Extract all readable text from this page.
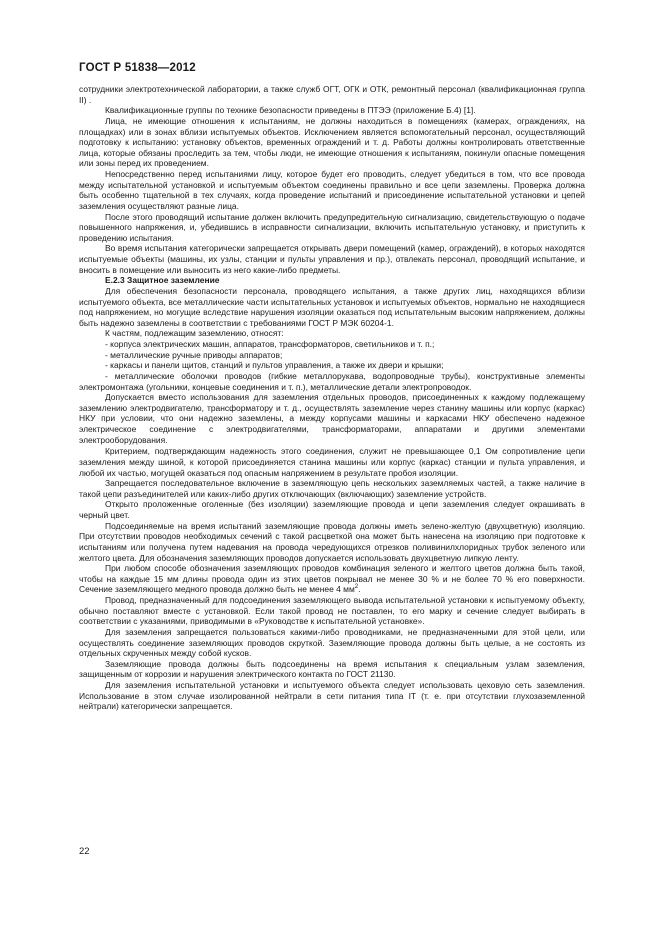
ГОСТ Р 51838—2012

сотрудники электротехнической лаборатории, а также служб ОГТ, ОГК и ОТК, ремонтный персонал (квалификационная группа II) .

Квалификационные группы по технике безопасности приведены в ПТЭЭ (приложение Б.4) [1].

Лица, не имеющие отношения к испытаниям, не должны находиться в помещениях (камерах, ограждениях, на площадках) или в зонах вблизи испытуемых объектов. Исключением является вспомогательный персонал, осуществляющий подготовку к испытанию: установку объектов, временных ограждений и т. д. Работы должны контролировать ответственные лица, которые обязаны проследить за тем, чтобы люди, не имеющие отношения к испытаниям, покинули опасные помещения или зоны перед их проведением.

Непосредственно перед испытаниями лицу, которое будет его проводить, следует убедиться в том, что все провода между испытательной установкой и испытуемым объектом соединены правильно и все цепи заземлены. Проверка должна быть особенно тщательной в тех случаях, когда проведение испытаний и присоединение испытательной установки и цепей заземления осуществляют разные лица.

После этого проводящий испытание должен включить предупредительную сигнализацию, свидетельствующую о подаче повышенного напряжения, и, убедившись в исправности сигнализации, включить испытательную установку, и приступить к проведению испытания.

Во время испытания категорически запрещается открывать двери помещений (камер, ограждений), в которых находятся испытуемые объекты (машины, их узлы, станции и пульты управления и пр.), отвлекать персонал, проводящий испытание, и вносить в помещение или выносить из него какие-либо предметы.

Е.2.3 Защитное заземление

Для обеспечения безопасности персонала, проводящего испытания, а также других лиц, находящихся вблизи испытуемого объекта, все металлические части испытательных установок и испытуемых объектов, нормально не находящиеся под напряжением, но могущие вследствие нарушения изоляции оказаться под испытательным высоким напряжением, должны быть надежно заземлены в соответствии с требованиями ГОСТ Р МЭК 60204-1.

К частям, подлежащим заземлению, относят:

- корпуса электрических машин, аппаратов, трансформаторов, светильников и т. п.;

- металлические ручные приводы аппаратов;

- каркасы и панели щитов, станций и пультов управления, а также их двери и крышки;

- металлические оболочки проводов (гибкие металлорукава, водопроводные трубы), конструктивные элементы электромонтажа (угольники, концевые соединения и т. п.), металлические детали электропроводок.

Допускается вместо использования для заземления отдельных проводов, присоединенных к каждому подлежащему заземлению электродвигателю, трансформатору и т. д., осуществлять заземление через станину машины или корпус (каркас) НКУ при условии, что они надежно заземлены, а между корпусами машины и каркасами НКУ обеспечено надежное электрическое соединение с электродвигателями, трансформаторами, аппаратами и другими элементами электрооборудования.

Критерием, подтверждающим надежность этого соединения, служит не превышающее 0,1 Ом сопротивление цепи заземления между шиной, к которой присоединяется станина машины или корпус (каркас) станции и пульта управления, и любой их частью, могущей оказаться под опасным напряжением в результате пробоя изоляции.

Запрещается последовательное включение в заземляющую цепь нескольких заземляемых частей, а также наличие в такой цепи разъединителей или каких-либо других отключающих (включающих) заземление устройств.

Открыто проложенные оголенные (без изоляции) заземляющие провода и цепи заземления следует окрашивать в черный цвет.

Подсоединяемые на время испытаний заземляющие провода должны иметь зелено-желтую (двухцветную) изоляцию. При отсутствии проводов необходимых сечений с такой расцветкой она может быть нанесена на изоляцию при подготовке к испытаниям или получена путем надевания на провода чередующихся отрезков поливинилхлоридных трубок зеленого или желтого цвета. Для обозначения заземляющих проводов допускается использовать двухцветную липкую ленту.

При любом способе обозначения заземляющих проводов комбинация зеленого и желтого цветов должна быть такой, чтобы на каждые 15 мм длины провода один из этих цветов покрывал не менее 30 % и не более 70 % его поверхности. Сечение заземляющего медного провода должно быть не менее 4 $мм^2$.

Провод, предназначенный для подсоединения заземляющего вывода испытательной установки к испытуемому объекту, обычно поставляют вместе с установкой. Если такой провод не поставлен, то его марку и сечение следует выбирать в соответствии с указаниями, приводимыми в «Руководстве к испытательной установке».

Для заземления запрещается пользоваться какими-либо проводниками, не предназначенными для этой цели, или осуществлять соединение заземляющих проводов скруткой. Заземляющие провода должны быть целые, а не состоять из отдельных скрученных между собой кусков.

Заземляющие провода должны быть подсоединены на время испытания к специальным узлам заземления, защищенным от коррозии и нарушения электрического контакта по ГОСТ 21130.

Для заземления испытательной установки и испытуемого объекта следует использовать цеховую сеть заземления. Использование в этом случае изолированной нейтрали в сети питания типа IT (т. е. при отсутствии глухозаземленной нейтрали) категорически запрещается.

22
